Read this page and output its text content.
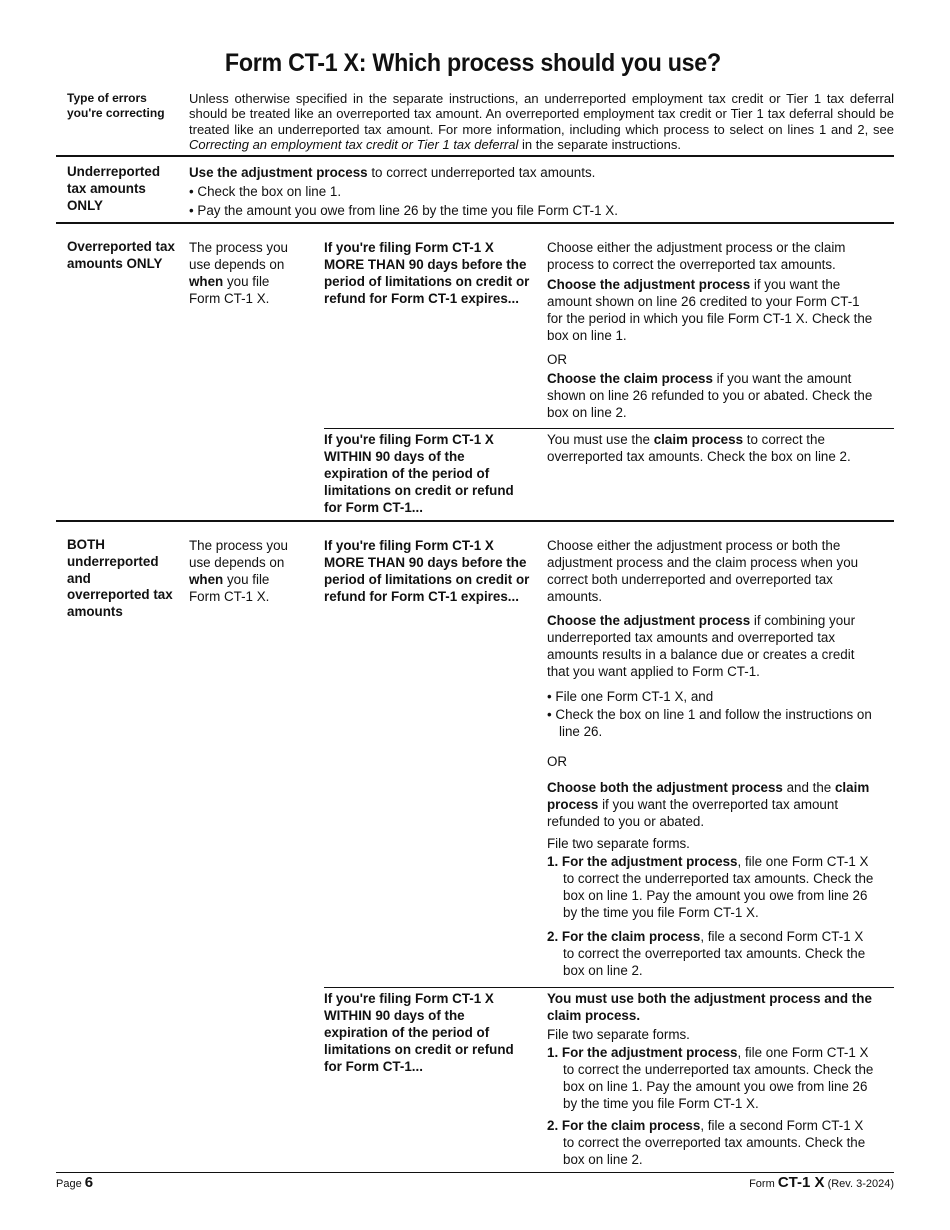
Form CT-1 X: Which process should you use?
Type of errors you're correcting
Unless otherwise specified in the separate instructions, an underreported employment tax credit or Tier 1 tax deferral should be treated like an overreported tax amount. An overreported employment tax credit or Tier 1 tax deferral should be treated like an underreported tax amount. For more information, including which process to select on lines 1 and 2, see Correcting an employment tax credit or Tier 1 tax deferral in the separate instructions.
Underreported tax amounts ONLY

Use the adjustment process to correct underreported tax amounts.

• Check the box on line 1.

• Pay the amount you owe from line 26 by the time you file Form CT-1 X.

Overreported tax amounts ONLY
The process you use depends on when you file Form CT-1 X.
If you're filing Form CT-1 X MORE THAN 90 days before the period of limitations on credit or refund for Form CT-1 expires...

Choose either the adjustment process or the claim process to correct the overreported tax amounts.

Choose the adjustment process if you want the amount shown on line 26 credited to your Form CT-1 for the period in which you file Form CT-1 X. Check the box on line 1.

OR

Choose the claim process if you want the amount shown on line 26 refunded to you or abated. Check the box on line 2.

If you're filing Form CT-1 X WITHIN 90 days of the expiration of the period of limitations on credit or refund for Form CT-1...
You must use the claim process to correct the overreported tax amounts. Check the box on line 2.
BOTH underreported and overreported tax amounts
The process you use depends on when you file Form CT-1 X.
If you're filing Form CT-1 X MORE THAN 90 days before the period of limitations on credit or refund for Form CT-1 expires...

Choose either the adjustment process or both the adjustment process and the claim process when you correct both underreported and overreported tax amounts.

Choose the adjustment process if combining your underreported tax amounts and overreported tax amounts results in a balance due or creates a credit that you want applied to Form CT-1.

• File one Form CT-1 X, and

• Check the box on line 1 and follow the instructions on line 26.

OR

Choose both the adjustment process and the claim process if you want the overreported tax amount refunded to you or abated.

File two separate forms.

1. For the adjustment process, file one Form CT-1 X to correct the underreported tax amounts. Check the box on line 1. Pay the amount you owe from line 26 by the time you file Form CT-1 X.

2. For the claim process, file a second Form CT-1 X to correct the overreported tax amounts. Check the box on line 2.

If you're filing Form CT-1 X WITHIN 90 days of the expiration of the period of limitations on credit or refund for Form CT-1...

You must use both the adjustment process and the claim process.

File two separate forms.

1. For the adjustment process, file one Form CT-1 X to correct the underreported tax amounts. Check the box on line 1. Pay the amount you owe from line 26 by the time you file Form CT-1 X.

2. For the claim process, file a second Form CT-1 X to correct the overreported tax amounts. Check the box on line 2.

Page 6	Form CT-1 X (Rev. 3-2024)
